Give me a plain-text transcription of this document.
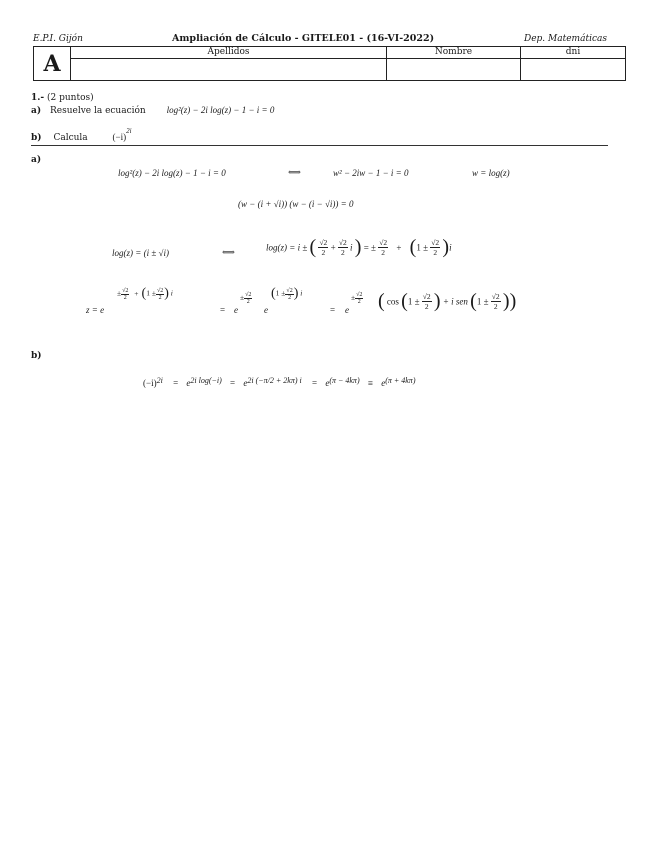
E.P.I. Gijón	Ampliación de Cálculo - GITELE01 - (16-VI-2022)	Dep. Matemáticas
A	Apellidos	Nombre	dni
1.- (2 puntos)
a) Resuelve la ecuación log²(z) − 2i log(z) − 1 − i = 0
b) Calcula	$(-i)^{2i}$
a)
log²(z) − 2i log(z) − 1 − i = 0	⟺	w² − 2iw − 1 − i = 0	w = log(z)
(w − (i + √i)) (w − (i − √i)) = 0
log(z) = (i ± √i)	⟺	log(z) = i ± ( $\frac{√2}{2} + \frac{√2}{2}$ i ) = ± $\frac{√2}{2} + (1 \pm \frac{√2}{2} )i$
z = e
± $\frac{√2}{2} + (1 \pm \frac{√2}{2}$ ) i
= e
± $\frac{√2}{2}$
e
($1 \pm \frac{√2}{2}$ ) i
= e
± $\frac{√2}{2}$ ( $\cos (1 \pm \frac{√2}{2}$ ) + i sen ($1 \pm \frac{√2}{2}$ ))
b)
(−i)2i = e2i log(−i) = e2i (−π/2 + 2kπ) i = e(π − 4kπ) ≡ e(π + 4kπ)
